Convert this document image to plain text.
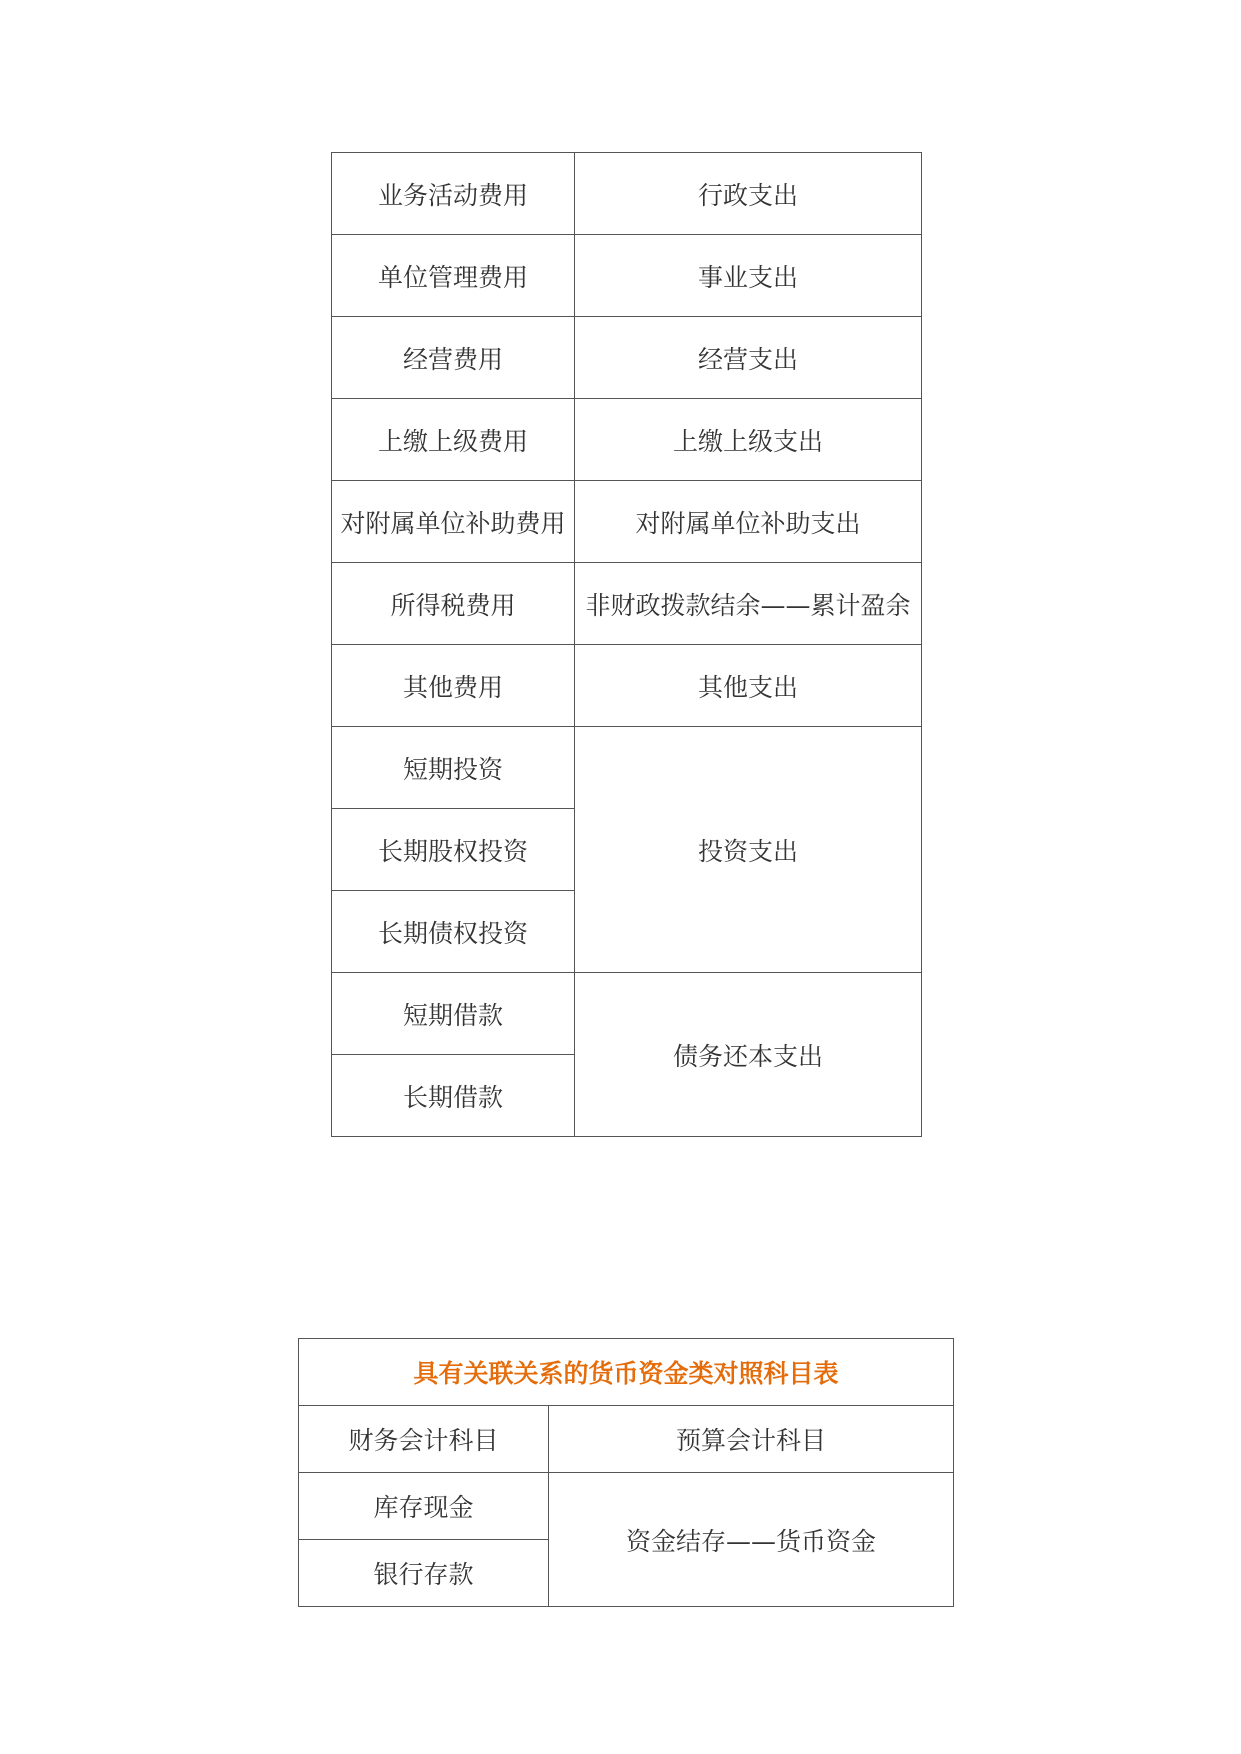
业务活动费用	行政支出
单位管理费用	事业支出
经营费用	经营支出
上缴上级费用	上缴上级支出
对附属单位补助费用	对附属单位补助支出
所得税费用	非财政拨款结余——累计盈余
其他费用	其他支出
短期投资	投资支出
长期股权投资	
长期债权投资	
短期借款	债务还本支出
长期借款	
具有关联关系的货币资金类对照科目表	
财务会计科目	预算会计科目
库存现金	资金结存——货币资金
银行存款	
